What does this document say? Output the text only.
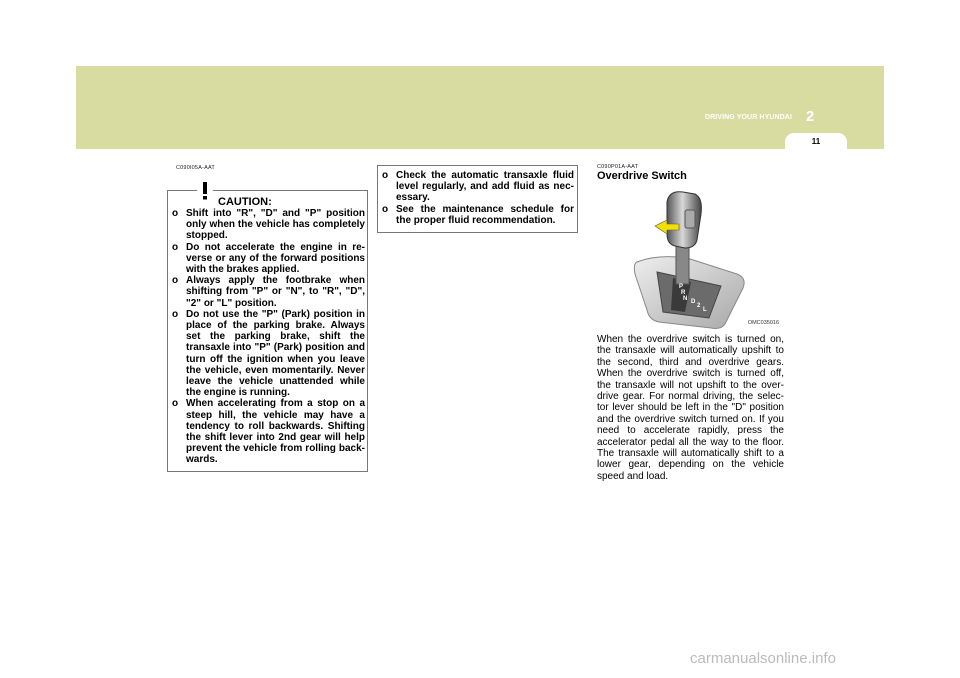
DRIVING YOUR HYUNDAI 2
11
C090I05A-AAT
CAUTION:
o Shift into "R", "D" and "P" position only when the vehicle has completely stopped.
o Do not accelerate the engine in re-verse or any of the forward positions with the brakes applied.
o Always apply the footbrake when shifting from "P" or "N", to "R", "D", "2" or "L" position.
o Do not use the "P" (Park) position in place of the parking brake. Always set the parking brake, shift the transaxle into "P" (Park) position and turn off the ignition when you leave the vehicle, even momentarily. Never leave the vehicle unattended while the engine is running.
o When accelerating from a stop on a steep hill, the vehicle may have a tendency to roll backwards. Shifting the shift lever into 2nd gear will help prevent the vehicle from rolling back-wards.
o Check the automatic transaxle fluid level regularly, and add fluid as nec-essary.
o See the maintenance schedule for the proper fluid recommendation.
C090P01A-AAT
Overdrive Switch
P
R
N D
2
L
OMC035016

When the overdrive switch is turned on, the transaxle will automatically upshift to the second, third and overdrive gears. When the overdrive switch is turned off, the transaxle will not upshift to the over-drive gear. For normal driving, the selec-tor lever should be left in the "D" position and the overdrive switch turned on. If you need to accelerate rapidly, press the accelerator pedal all the way to the floor. The transaxle will automatically shift to a lower gear, depending on the vehicle speed and load.

carmanualsonline.info
